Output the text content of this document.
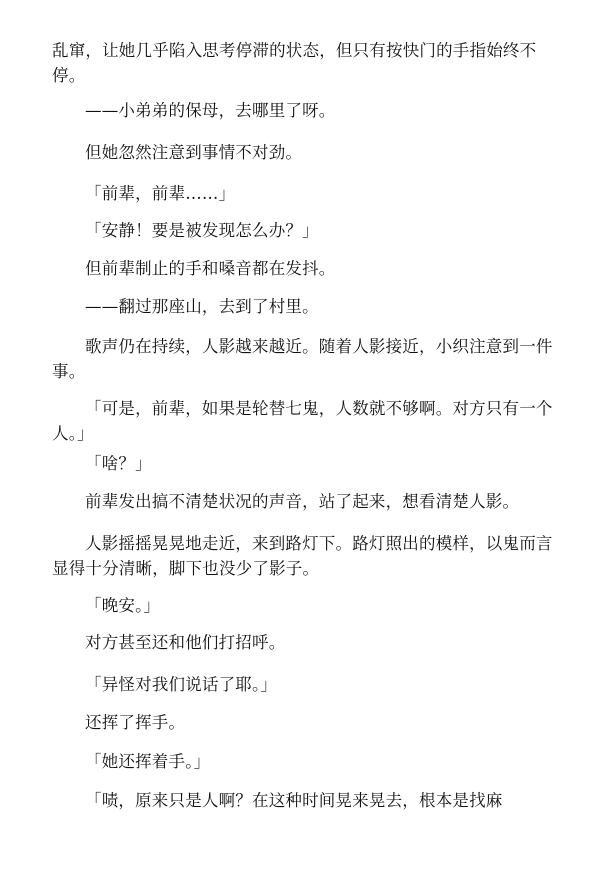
乱窜，让她几乎陷入思考停滞的状态，但只有按快门的手指始终不停。

——小弟弟的保母，去哪里了呀。

但她忽然注意到事情不对劲。

「前辈，前辈……」

「安静！要是被发现怎么办？」

但前辈制止的手和嗓音都在发抖。

——翻过那座山，去到了村里。

歌声仍在持续，人影越来越近。随着人影接近，小织注意到一件事。

「可是，前辈，如果是轮替七鬼，人数就不够啊。对方只有一个人。」

「啥？」

前辈发出搞不清楚状况的声音，站了起来，想看清楚人影。

人影摇摇晃晃地走近，来到路灯下。路灯照出的模样，以鬼而言显得十分清晰，脚下也没少了影子。

「晚安。」

对方甚至还和他们打招呼。

「异怪对我们说话了耶。」

还挥了挥手。

「她还挥着手。」

「啧，原来只是人啊？在这种时间晃来晃去，根本是找麻
